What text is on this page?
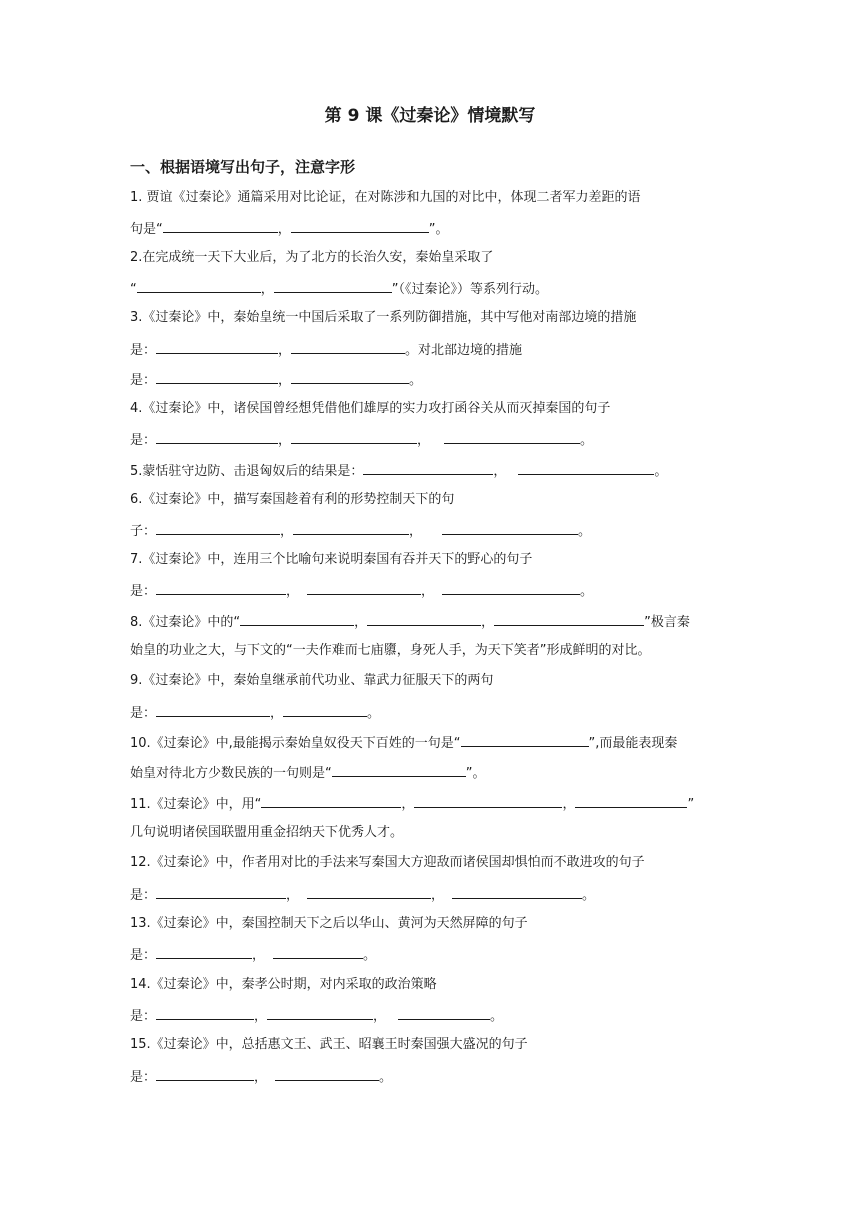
第 9 课《过秦论》情境默写
一、根据语境写出句子，注意字形
1. 贾谊《过秦论》通篇采用对比论证，在对陈涉和九国的对比中，体现二者军力差距的语
句是“	，	”。
2.在完成统一天下大业后，为了北方的长治久安，秦始皇采取了
“	，	”（《过秦论》）等系列行动。
3.《过秦论》中，秦始皇统一中国后采取了一系列防御措施，其中写他对南部边境的措施
是：	，	。对北部边境的措施
是：	，	。
4.《过秦论》中，诸侯国曾经想凭借他们雄厚的实力攻打函谷关从而灭掉秦国的句子
是：	，	，	。
5.蒙恬驻守边防、击退匈奴后的结果是：	，	。
6.《过秦论》中，描写秦国趁着有利的形势控制天下的句
子：	，	，	。
7.《过秦论》中，连用三个比喻句来说明秦国有吞并天下的野心的句子
是：	，	，	。
8.《过秦论》中的“	，	，	”极言秦
始皇的功业之大，与下文的“一夫作难而七庙隳，身死人手，为天下笑者”形成鲜明的对比。
9.《过秦论》中，秦始皇继承前代功业、靠武力征服天下的两句
是：	，	。
10.《过秦论》中,最能揭示秦始皇奴役天下百姓的一句是“	”,而最能表现秦
始皇对待北方少数民族的一句则是“	”。
11.《过秦论》中，用“	，	，	”
几句说明诸侯国联盟用重金招纳天下优秀人才。
12.《过秦论》中，作者用对比的手法来写秦国大方迎敌而诸侯国却惧怕而不敢进攻的句子
是：	，	，	。
13.《过秦论》中，秦国控制天下之后以华山、黄河为天然屏障的句子
是：	，	。
14.《过秦论》中，秦孝公时期，对内采取的政治策略
是：	，	，	。
15.《过秦论》中，总括惠文王、武王、昭襄王时秦国强大盛况的句子
是：	，	。
